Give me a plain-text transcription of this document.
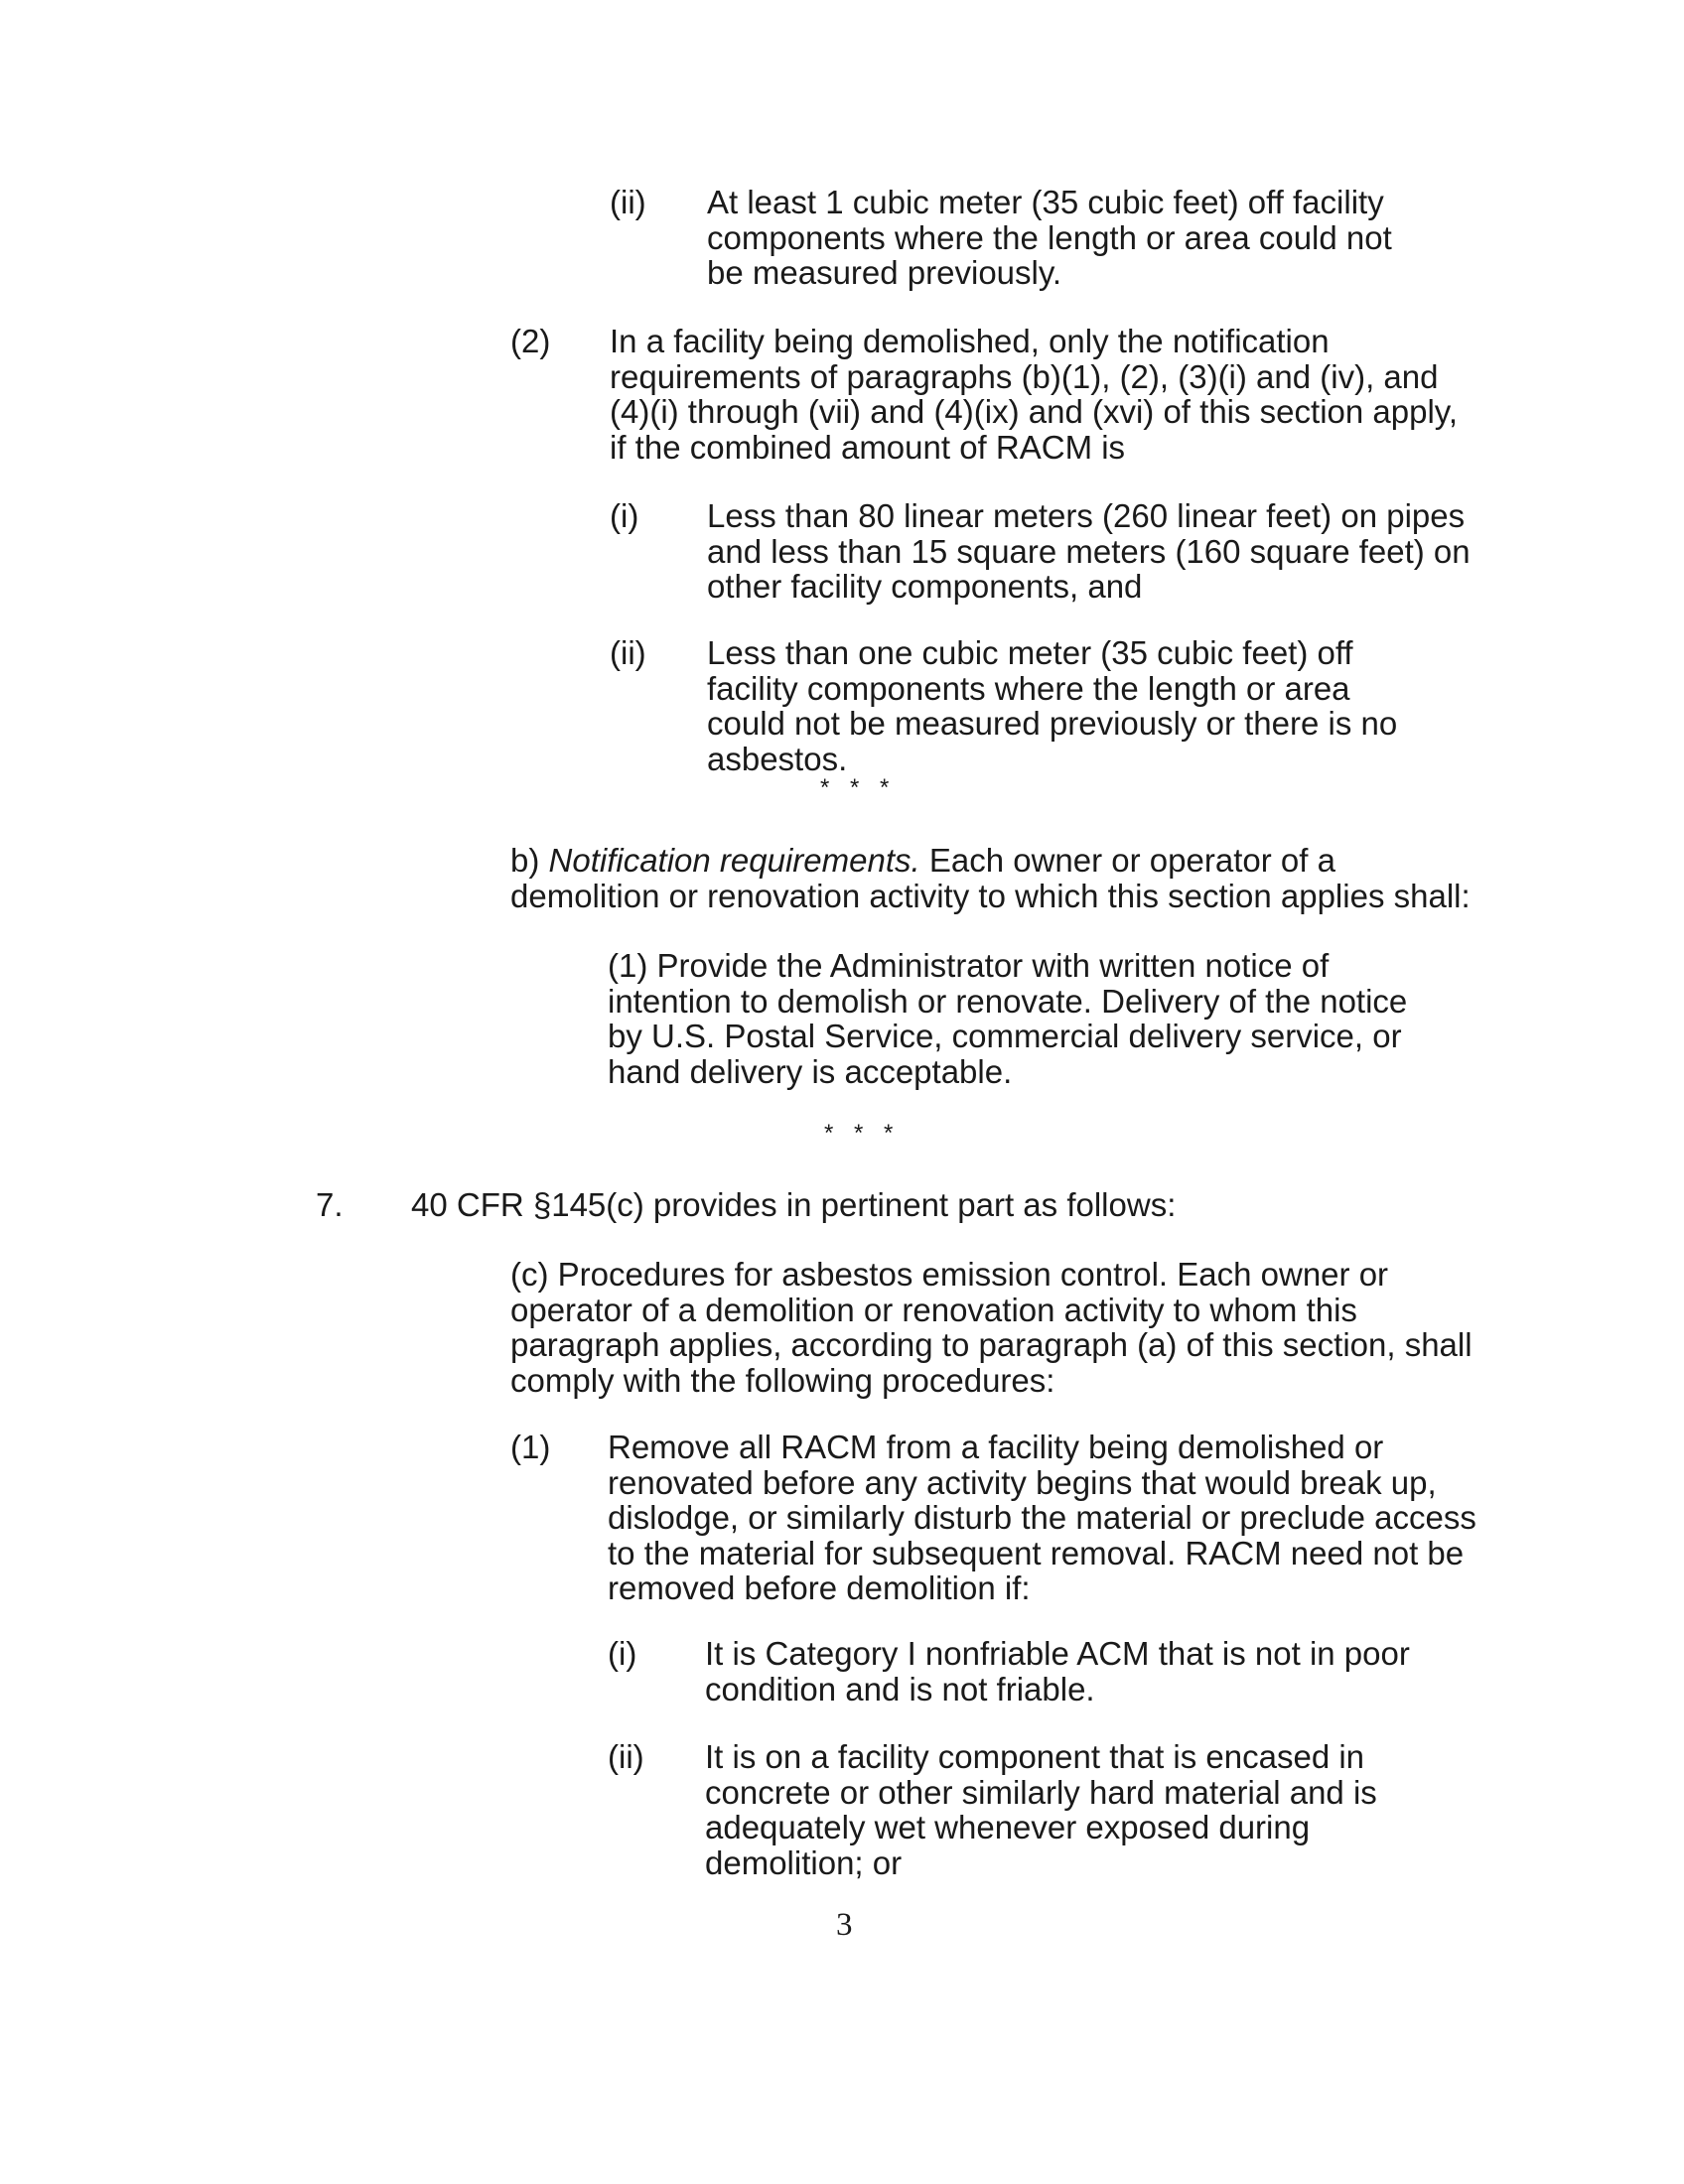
(ii) At least 1 cubic meter (35 cubic feet) off facility components where the length or area could not be measured previously.

(2) In a facility being demolished, only the notification requirements of paragraphs (b)(1), (2), (3)(i) and (iv), and (4)(i) through (vii) and (4)(ix) and (xvi) of this section apply, if the combined amount of RACM is

(i) Less than 80 linear meters (260 linear feet) on pipes and less than 15 square meters (160 square feet) on other facility components, and

(ii) Less than one cubic meter (35 cubic feet) off facility components where the length or area could not be measured previously or there is no asbestos.

* * *

b) Notification requirements. Each owner or operator of a demolition or renovation activity to which this section applies shall:

(1) Provide the Administrator with written notice of intention to demolish or renovate. Delivery of the notice by U.S. Postal Service, commercial delivery service, or hand delivery is acceptable.

* * *
7. 40 CFR §145(c) provides in pertinent part as follows:

(c) Procedures for asbestos emission control. Each owner or operator of a demolition or renovation activity to whom this paragraph applies, according to paragraph (a) of this section, shall comply with the following procedures:

(1) Remove all RACM from a facility being demolished or renovated before any activity begins that would break up, dislodge, or similarly disturb the material or preclude access to the material for subsequent removal. RACM need not be removed before demolition if:

(i) It is Category I nonfriable ACM that is not in poor condition and is not friable.

(ii) It is on a facility component that is encased in concrete or other similarly hard material and is adequately wet whenever exposed during demolition; or

3
